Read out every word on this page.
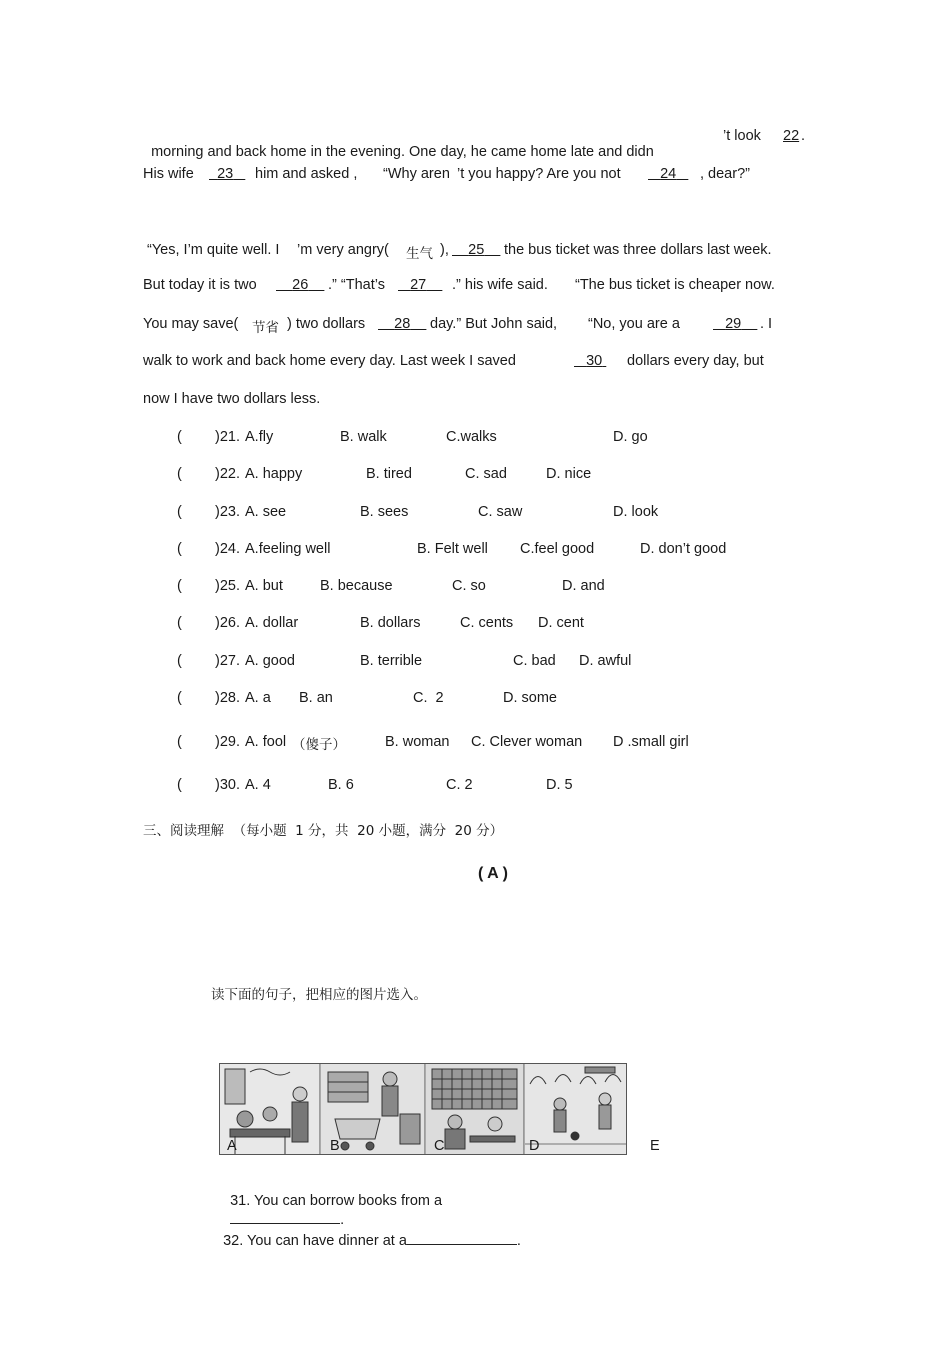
morning and back home in the evening. One day, he came home late and didn

’t look 22 .
His wife	23	him and asked , “Why aren ’t you happy? Are you not	24	, dear?”
“Yes, I’m quite well. I ’m very angry( 生气 ),	25	the bus ticket was three dollars last week.
But today it is two	26	.” “That’s	27	.” his wife said. “The bus ticket is cheaper now.
You may save( 节省 ) two dollars	28	day.” But John said, “No, you are a	29	. I
walk to work and back home every day. Last week I saved	30 dollars every day, but
now I have two dollars less.
( )21. A.fly	B. walk	C.walks	D. go
( )22. A. happy	B. tired	C. sad	D. nice
( )23. A. see	B. sees	C. saw	D. look
( )24. A.feeling well	B. Felt well C.feel good	D. don’t good
( )25. A. but	B. because	C. so	D. and
( )26. A. dollar	B. dollars	C. cents D. cent
( )27. A. good	B. terrible	C. bad D. awful
( )28. A. a B. an	C.  2	D. some
( )29. A. fool （傻子）	B. woman C. Clever woman D .small girl
( )30. A. 4	B. 6	C. 2	D. 5
三、阅读理解  （每小题  1 分，共  20 小题，满分  20 分）
( A )
读下面的句子，把相应的图片选入。
A	B	C	D	E

31. You can borrow books from a
.

32. You can have dinner at a	.
